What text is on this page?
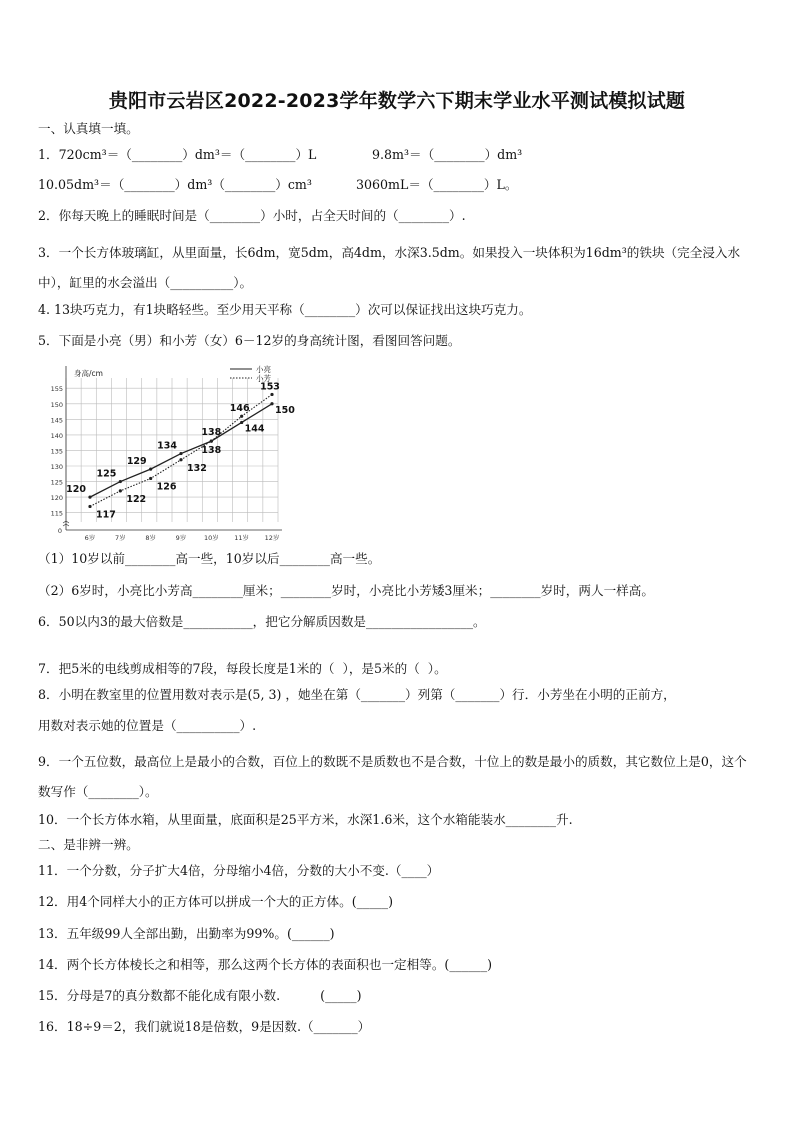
贵阳市云岩区2022-2023学年数学六下期末学业水平测试模拟试题
一、认真填一填。
1．720cm³＝（________）dm³＝（________）L	9.8m³＝（________）dm³
10.05dm³＝（________）dm³（________）cm³	3060mL＝（________）L。
2．你每天晚上的睡眠时间是（________）小时，占全天时间的（________）.
3．一个长方体玻璃缸，从里面量，长6dm，宽5dm，高4dm，水深3.5dm。如果投入一块体积为16dm³的铁块（完全浸入水中），缸里的水会溢出（__________）。
4. 13块巧克力，有1块略轻些。至少用天平称（________）次可以保证找出这块巧克力。
5．下面是小亮（男）和小芳（女）6－12岁的身高统计图，看图回答问题。
115
120
125
130
135
140
145
150
155
0
身高/cm
6岁	7岁	8岁	9岁	10岁 11岁 12岁
120
125
129
134
138 144
150
117
122
126
132
138
146
153
小亮
小芳
（1）10岁以前________高一些，10岁以后________高一些。
（2）6岁时，小亮比小芳高________厘米；________岁时，小亮比小芳矮3厘米；________岁时，两人一样高。
6．50以内3的最大倍数是___________，把它分解质因数是_________________。
7．把5米的电线剪成相等的7段，每段长度是1米的（  ），是5米的（  ）。
8．小明在教室里的位置用数对表示是(5, 3) ，她坐在第（_______）列第（_______）行．小芳坐在小明的正前方，
用数对表示她的位置是（__________）.
9．一个五位数，最高位上是最小的合数，百位上的数既不是质数也不是合数，十位上的数是最小的质数，其它数位上是0，这个数写作（________）。
10．一个长方体水箱，从里面量，底面积是25平方米，水深1.6米，这个水箱能装水________升.
二、是非辨一辨。
11．一个分数，分子扩大4倍，分母缩小4倍，分数的大小不变.（____）
12．用4个同样大小的正方体可以拼成一个大的正方体。(_____)
13．五年级99人全部出勤，出勤率为99%。(______)
14．两个长方体棱长之和相等，那么这两个长方体的表面积也一定相等。(______)
15．分母是7的真分数都不能化成有限小数.          (_____)
16．18÷9＝2，我们就说18是倍数，9是因数.（_______）
